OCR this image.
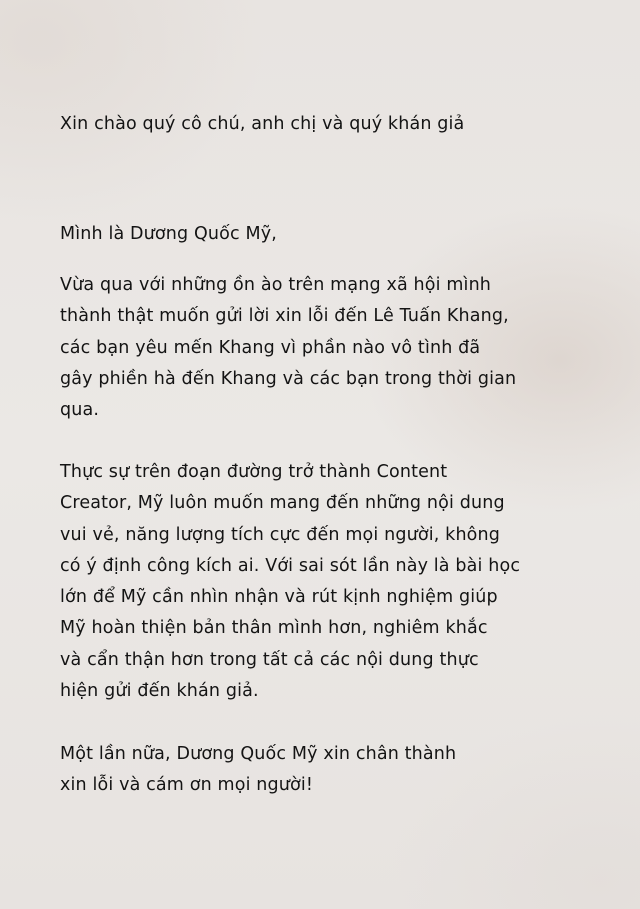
Xin chào quý cô chú, anh chị và quý khán giả

Mình là Dương Quốc Mỹ,

Vừa qua với những ồn ào trên mạng xã hội mình
thành thật muốn gửi lời xin lỗi đến Lê Tuấn Khang,
các bạn yêu mến Khang vì phần nào vô tình đã
gây phiền hà đến Khang và các bạn trong thời gian
qua.
Thực sự trên đoạn đường trở thành Content
Creator, Mỹ luôn muốn mang đến những nội dung
vui vẻ, năng lượng tích cực đến mọi người, không
có ý định công kích ai. Với sai sót lần này là bài học
lớn để Mỹ cần nhìn nhận và rút kịnh nghiệm giúp
Mỹ hoàn thiện bản thân mình hơn, nghiêm khắc
và cẩn thận hơn trong tất cả các nội dung thực
hiện gửi đến khán giả.
Một lần nữa, Dương Quốc Mỹ xin chân thành
xin lỗi và cám ơn mọi người!
